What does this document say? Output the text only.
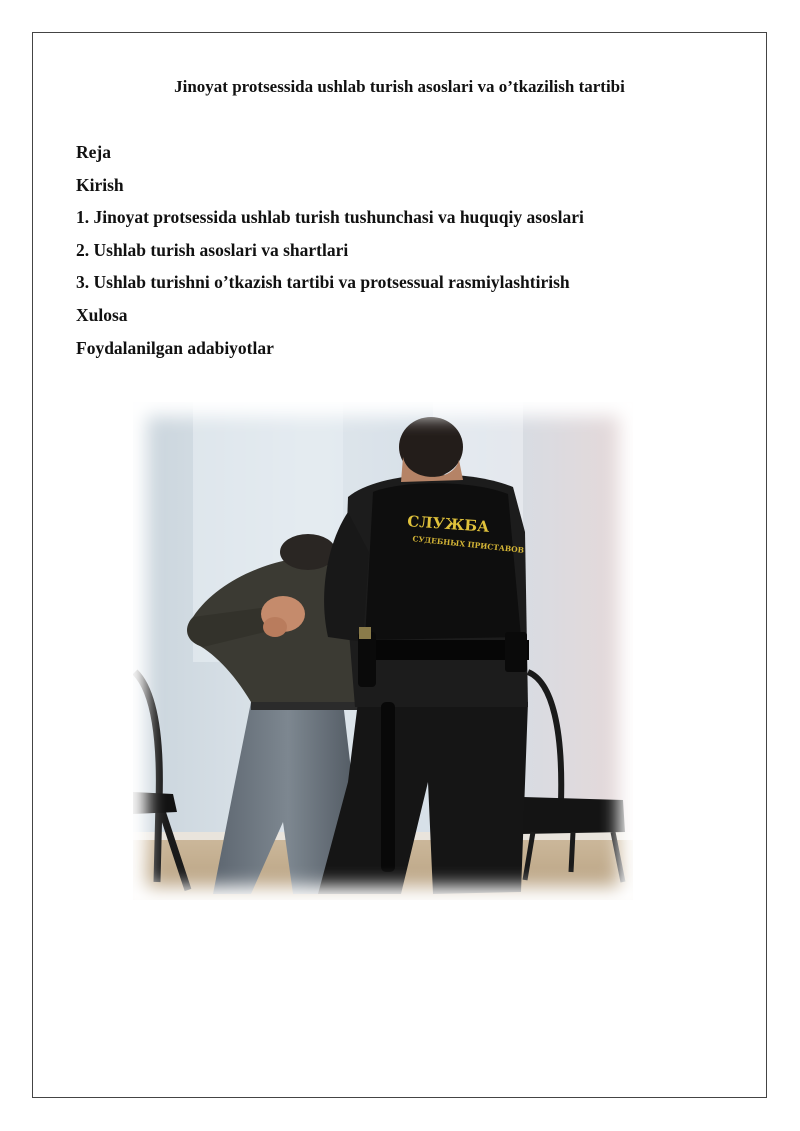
Jinoyat protsessida ushlab turish asoslari va o’tkazilish tartibi
Reja
Kirish
1. Jinoyat protsessida ushlab turish tushunchasi va huquqiy asoslari
2. Ushlab turish asoslari va shartlari
3. Ushlab turishni o’tkazish tartibi va protsessual rasmiylashtirish
Xulosa
Foydalanilgan adabiyotlar
СЛУЖБА
СУДЕБНЫХ ПРИСТАВОВ
